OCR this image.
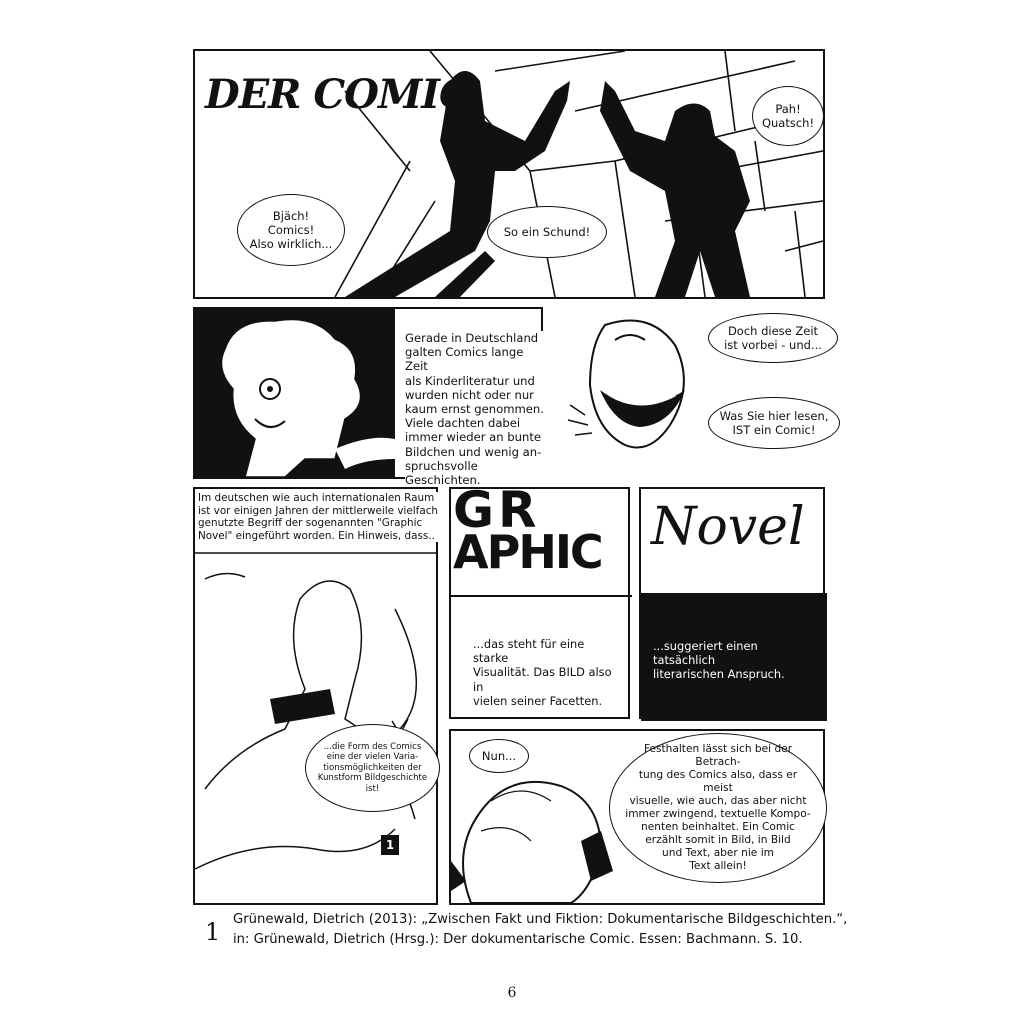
DER COMIC
Bjäch!
Comics!
Also wirklich...
So ein Schund!
Pah!
Quatsch!
Gerade in Deutschland
galten Comics lange Zeit
als Kinderliteratur und
wurden nicht oder nur
kaum ernst genommen.
Viele dachten dabei
immer wieder an bunte
Bildchen und wenig an-
spruchsvolle Geschichten.
Doch diese Zeit
ist vorbei - und...
Was Sie hier lesen,
IST ein Comic!
Im deutschen wie auch internationalen Raum
ist vor einigen Jahren der mittlerweile vielfach
genutzte Begriff der sogenannten "Graphic
Novel" eingeführt worden. Ein Hinweis, dass..
...die Form des Comics
eine der vielen Varia-
tionsmöglichkeiten der
Kunstform Bildgeschichte
ist!
1
GR
APHIC
...das steht für eine starke
Visualität. Das BILD also in
vielen seiner Facetten.
Novel
...suggeriert einen tatsächlich
literarischen Anspruch.
Nun...	Festhalten lässt sich bei der Betrach-
tung des Comics also, dass er meist
visuelle, wie auch, das aber nicht
immer zwingend, textuelle Kompo-
nenten beinhaltet. Ein Comic
erzählt somit in Bild, in Bild
und Text, aber nie im
Text allein!
1 Grünewald, Dietrich (2013): „Zwischen Fakt und Fiktion: Dokumentarische Bildgeschichten.“,
in: Grünewald, Dietrich (Hrsg.): Der dokumentarische Comic. Essen: Bachmann. S. 10.
6
